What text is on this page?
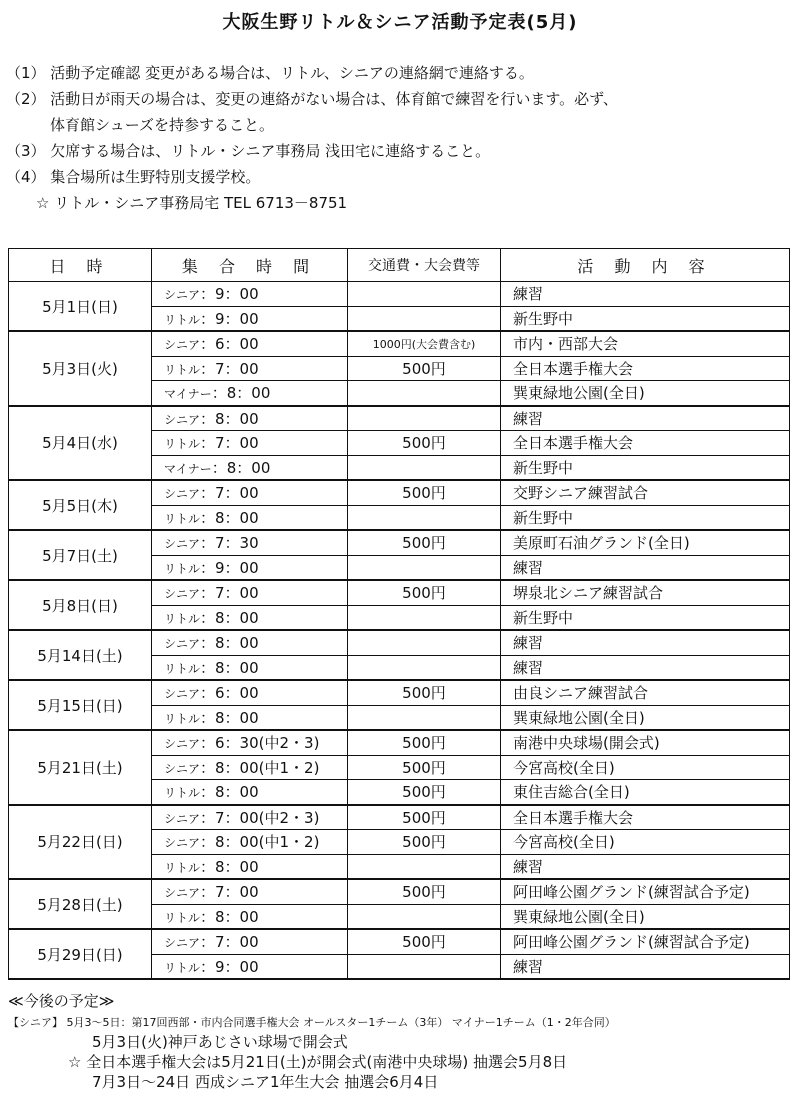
大阪生野リトル＆シニア活動予定表(5月)
（1） 活動予定確認 変更がある場合は、リトル、シニアの連絡網で連絡する。
（2） 活動日が雨天の場合は、変更の連絡がない場合は、体育館で練習を行います。必ず、
体育館シューズを持参すること。
（3） 欠席する場合は、リトル・シニア事務局 浅田宅に連絡すること。
（4） 集合場所は生野特別支援学校。
☆ リトル・シニア事務局宅 TEL 6713－8751
日 時	集 合 時 間	交通費・大会費等	活 動 内 容
5月1日(日)	シニア：9：00		練習
	リトル：9：00		新生野中
5月3日(火)	シニア：6：00	1000円(大会費含む)	市内・西部大会
	リトル：7：00	500円	全日本選手権大会
	マイナー：8：00		巽東緑地公園(全日)
5月4日(水)	シニア：8：00		練習
	リトル：7：00	500円	全日本選手権大会
	マイナー：8：00		新生野中
5月5日(木)	シニア：7：00	500円	交野シニア練習試合
	リトル：8：00		新生野中
5月7日(土)	シニア：7：30	500円	美原町石油グランド(全日)
	リトル：9：00		練習
5月8日(日)	シニア：7：00	500円	堺泉北シニア練習試合
	リトル：8：00		新生野中
5月14日(土)	シニア：8：00		練習
	リトル：8：00		練習
5月15日(日)	シニア：6：00	500円	由良シニア練習試合
	リトル：8：00		巽東緑地公園(全日)
5月21日(土)	シニア：6：30(中2・3)	500円	南港中央球場(開会式)
	シニア：8：00(中1・2)	500円	今宮高校(全日)
	リトル：8：00	500円	東住吉総合(全日)
5月22日(日)	シニア：7：00(中2・3)	500円	全日本選手権大会
	シニア：8：00(中1・2)	500円	今宮高校(全日)
	リトル：8：00		練習
5月28日(土)	シニア：7：00	500円	阿田峰公園グランド(練習試合予定)
	リトル：8：00		巽東緑地公園(全日)
5月29日(日)	シニア：7：00	500円	阿田峰公園グランド(練習試合予定)
	リトル：9：00		練習
≪今後の予定≫
【シニア】 5月3～5日：第17回西部・市内合同選手権大会 オールスター1チーム（3年） マイナー1チーム（1・2年合同）
5月3日(火)神戸あじさい球場で開会式
☆ 全日本選手権大会は5月21日(土)が開会式(南港中央球場) 抽選会5月8日
7月3日～24日 西成シニア1年生大会 抽選会6月4日
